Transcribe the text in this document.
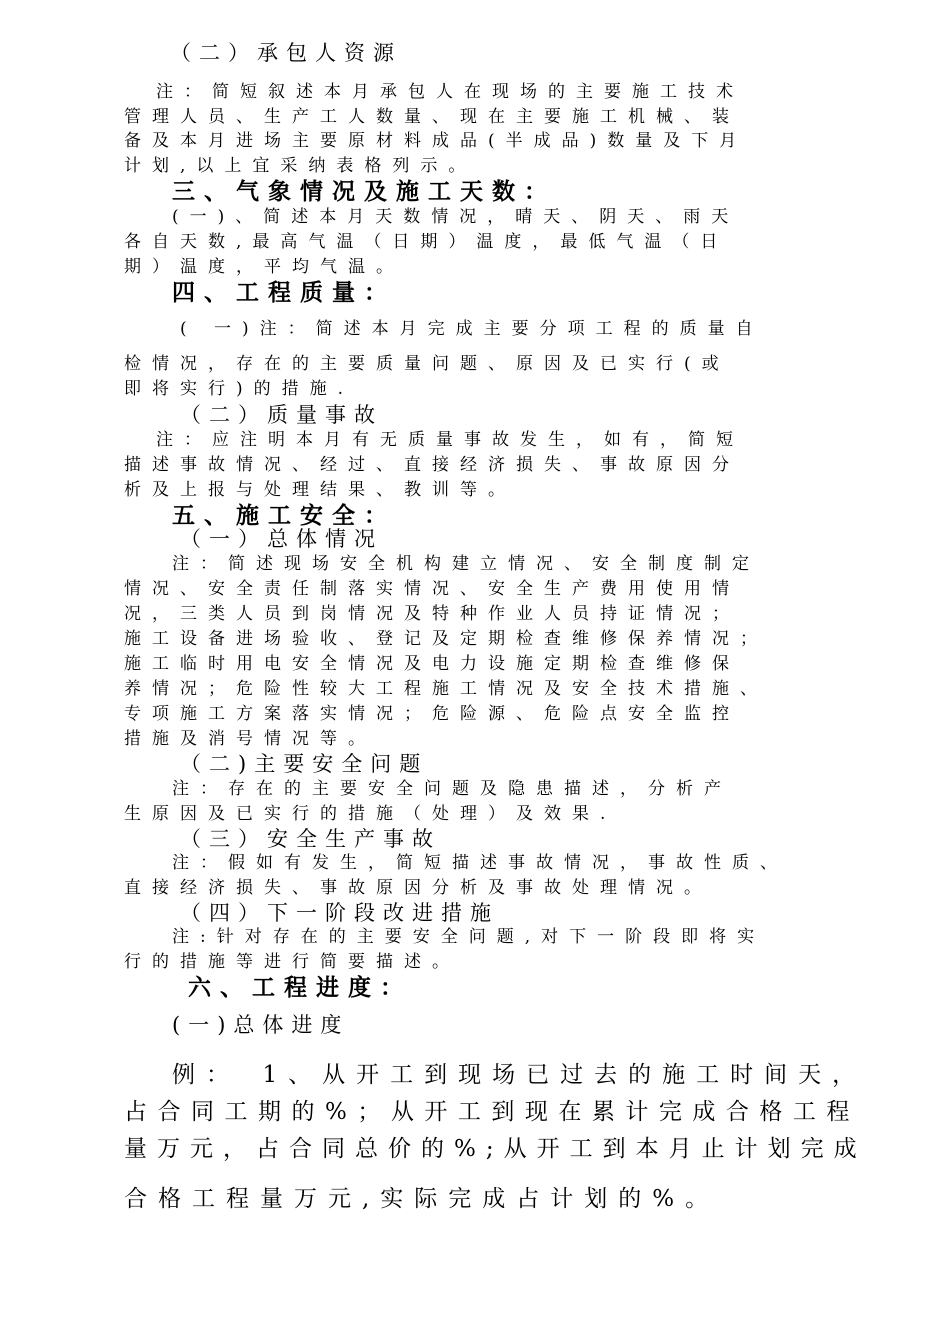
（二）承包人资源
注：简短叙述本月承包人在现场的主要施工技术
管理人员、生产工人数量、现在主要施工机械、装
备及本月进场主要原材料成品(半成品)数量及下月
计划,以上宜采纳表格列示。
三、气象情况及施工天数：
(一)、简述本月天数情况，晴天、阴天、雨天
各自天数,最高气温（日期）温度，最低气温（日
期）温度，平均气温。
四、工程质量：
( 一)注：简述本月完成主要分项工程的质量自
检情况，存在的主要质量问题、原因及已实行(或
即将实行)的措施.
（二）质量事故
注：应注明本月有无质量事故发生，如有，简短
描述事故情况、经过、直接经济损失、事故原因分
析及上报与处理结果、教训等。
五、施工安全：
（一）总体情况
注：简述现场安全机构建立情况、安全制度制定
情况、安全责任制落实情况、安全生产费用使用情
况，三类人员到岗情况及特种作业人员持证情况；
施工设备进场验收、登记及定期检查维修保养情况；
施工临时用电安全情况及电力设施定期检查维修保
养情况；危险性较大工程施工情况及安全技术措施、
专项施工方案落实情况；危险源、危险点安全监控
措施及消号情况等。
（二)主要安全问题
注：存在的主要安全问题及隐患描述，分析产
生原因及已实行的措施（处理）及效果.
（三）安全生产事故
注：假如有发生，简短描述事故情况，事故性质、
直接经济损失、事故原因分析及事故处理情况。
（四）下一阶段改进措施
注:针对存在的主要安全问题,对下一阶段即将实
行的措施等进行简要描述。
六、工程进度：
(一)总体进度
例：　1、从开工到现场已过去的施工时间天，
占合同工期的%；从开工到现在累计完成合格工程
量万元，占合同总价的%;从开工到本月止计划完成
合格工程量万元,实际完成占计划的%。
